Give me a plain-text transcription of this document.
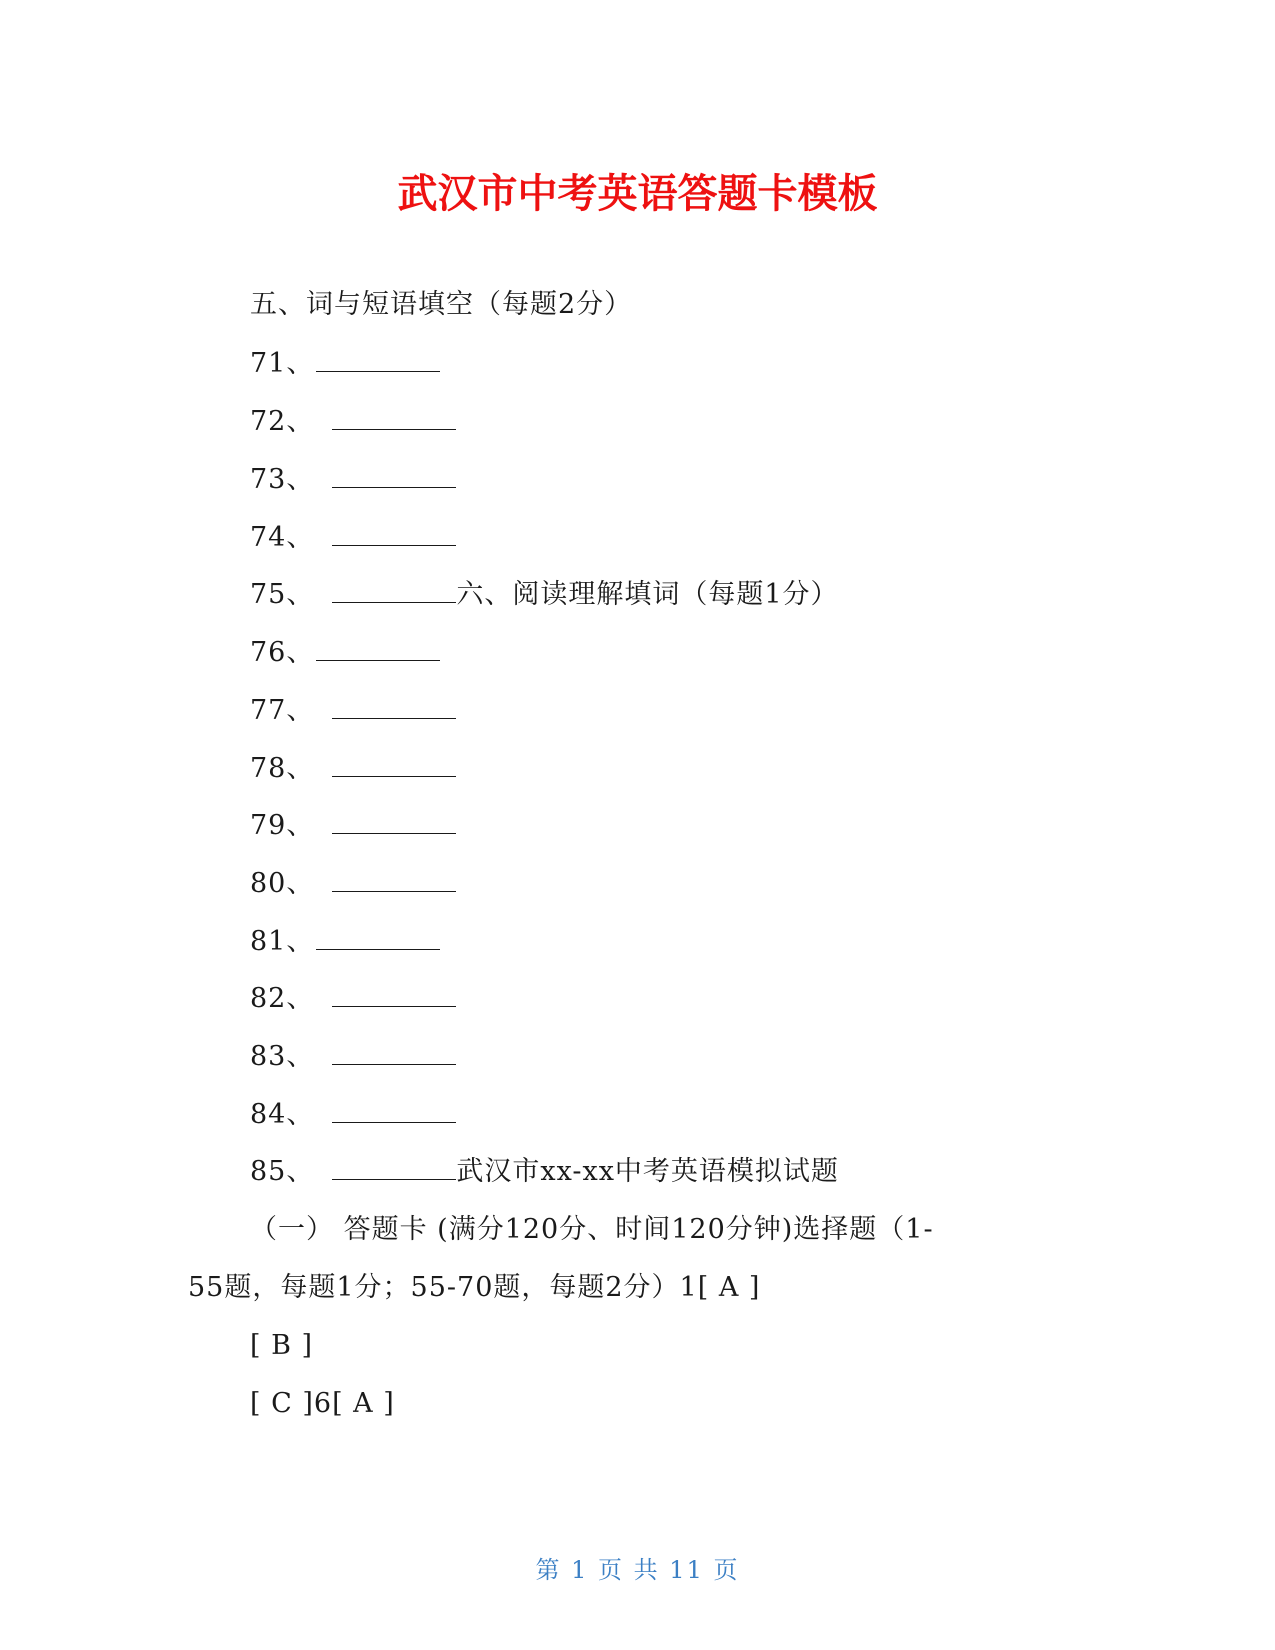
武汉市中考英语答题卡模板
五、词与短语填空（每题2分）
71、
72、
73、
74、
75、	六、阅读理解填词（每题1分）
76、
77、
78、
79、
80、
81、
82、
83、
84、
85、	武汉市xx-xx中考英语模拟试题
（一） 答题卡 (满分120分、时间120分钟)选择题（1-
55题，每题1分；55-70题，每题2分）1[ A ]
[ B ]
[ C ]6[ A ]
第 1 页 共 11 页
